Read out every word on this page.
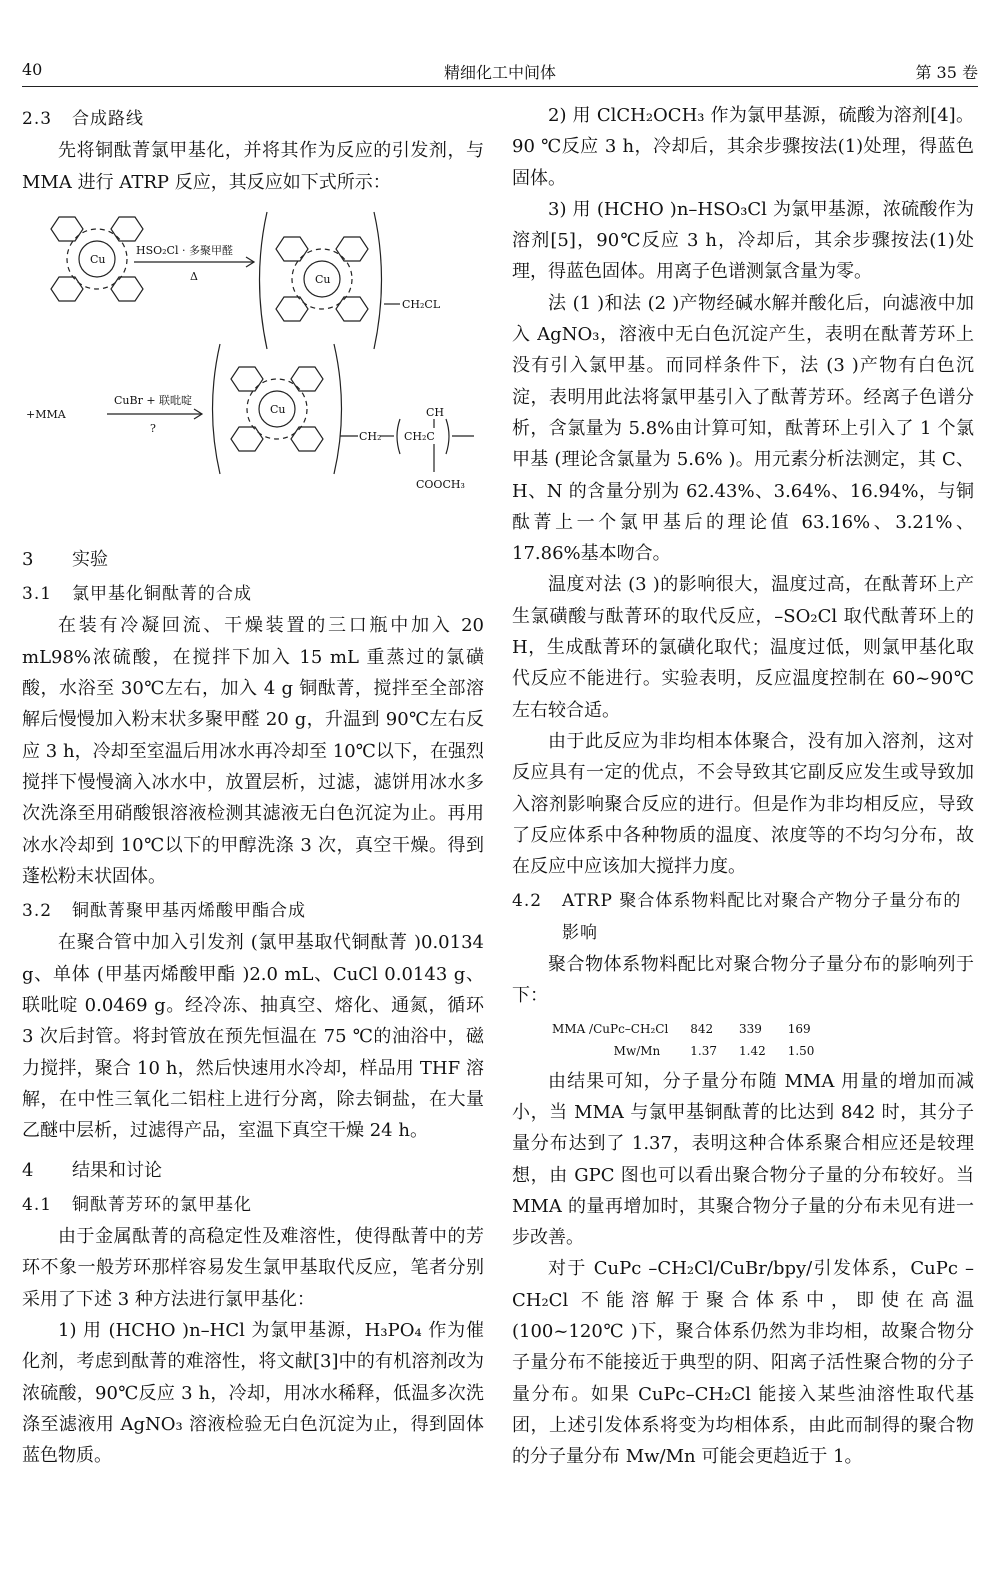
40	精细化工中间体	第 35 卷
2.3 合成路线

先将铜酞菁氯甲基化，并将其作为反应的引发剂，与 MMA 进行 ATRP 反应，其反应如下式所示：

Cu
Cu
Cu
HSO₂Cl · 多聚甲醛
Δ
CH₂CL
+MMA
CuBr + 联吡啶
?
CH₂ CH₂C
CH
COOCH₃
3 实验
3.1 氯甲基化铜酞菁的合成

在装有冷凝回流、干燥装置的三口瓶中加入 20 mL98%浓硫酸，在搅拌下加入 15 mL 重蒸过的氯磺酸，水浴至 30℃左右，加入 4 g 铜酞菁，搅拌至全部溶解后慢慢加入粉末状多聚甲醛 20 g，升温到 90℃左右反应 3 h，冷却至室温后用冰水再冷却至 10℃以下，在强烈搅拌下慢慢滴入冰水中，放置层析，过滤，滤饼用冰水多次洗涤至用硝酸银溶液检测其滤液无白色沉淀为止。再用冰水冷却到 10℃以下的甲醇洗涤 3 次，真空干燥。得到蓬松粉末状固体。

3.2 铜酞菁聚甲基丙烯酸甲酯合成

在聚合管中加入引发剂 (氯甲基取代铜酞菁 )0.0134 g、单体 (甲基丙烯酸甲酯 )2.0 mL、CuCl 0.0143 g、联吡啶 0.0469 g。经冷冻、抽真空、熔化、通氮，循环 3 次后封管。将封管放在预先恒温在 75 ℃的油浴中，磁力搅拌，聚合 10 h，然后快速用水冷却，样品用 THF 溶解，在中性三氧化二铝柱上进行分离，除去铜盐，在大量乙醚中层析，过滤得产品，室温下真空干燥 24 h。

4 结果和讨论
4.1 铜酞菁芳环的氯甲基化

由于金属酞菁的高稳定性及难溶性，使得酞菁中的芳环不象一般芳环那样容易发生氯甲基取代反应，笔者分别采用了下述 3 种方法进行氯甲基化：

1) 用 (HCHO )n–HCl 为氯甲基源，H₃PO₄ 作为催化剂，考虑到酞菁的难溶性，将文献[3]中的有机溶剂改为浓硫酸，90℃反应 3 h，冷却，用冰水稀释，低温多次洗涤至滤液用 AgNO₃ 溶液检验无白色沉淀为止，得到固体蓝色物质。

2) 用 ClCH₂OCH₃ 作为氯甲基源，硫酸为溶剂[4]。90 ℃反应 3 h，冷却后，其余步骤按法(1)处理，得蓝色固体。

3) 用 (HCHO )n–HSO₃Cl 为氯甲基源，浓硫酸作为溶剂[5]，90℃反应 3 h，冷却后，其余步骤按法(1)处理，得蓝色固体。用离子色谱测氯含量为零。

法 (1 )和法 (2 )产物经碱水解并酸化后，向滤液中加入 AgNO₃，溶液中无白色沉淀产生，表明在酞菁芳环上没有引入氯甲基。而同样条件下，法 (3 )产物有白色沉淀，表明用此法将氯甲基引入了酞菁芳环。经离子色谱分析，含氯量为 5.8%由计算可知，酞菁环上引入了 1 个氯甲基 (理论含氯量为 5.6% )。用元素分析法测定，其 C、H、N 的含量分别为 62.43%、3.64%、16.94%，与铜酞菁上一个氯甲基后的理论值 63.16%、3.21%、17.86%基本吻合。

温度对法 (3 )的影响很大，温度过高，在酞菁环上产生氯磺酸与酞菁环的取代反应，–SO₂Cl 取代酞菁环上的 H，生成酞菁环的氯磺化取代；温度过低，则氯甲基化取代反应不能进行。实验表明，反应温度控制在 60~90℃左右较合适。

由于此反应为非均相本体聚合，没有加入溶剂，这对反应具有一定的优点，不会导致其它副反应发生或导致加入溶剂影响聚合反应的进行。但是作为非均相反应，导致了反应体系中各种物质的温度、浓度等的不均匀分布，故在反应中应该加大搅拌力度。

4.2	ATRP 聚合体系物料配比对聚合产物分子量分布的影响

聚合物体系物料配比对聚合物分子量分布的影响列于下：

MMA /CuPc–CH₂Cl	842	339	169
Mw/Mn	1.37	1.42	1.50

由结果可知，分子量分布随 MMA 用量的增加而减小，当 MMA 与氯甲基铜酞菁的比达到 842 时，其分子量分布达到了 1.37，表明这种合体系聚合相应还是较理想，由 GPC 图也可以看出聚合物分子量的分布较好。当 MMA 的量再增加时，其聚合物分子量的分布未见有进一步改善。

对于 CuPc –CH₂Cl/CuBr/bpy/引发体系，CuPc –CH₂Cl 不能溶解于聚合体系中，即使在高温 (100~120℃ )下，聚合体系仍然为非均相，故聚合物分子量分布不能接近于典型的阴、阳离子活性聚合物的分子量分布。如果 CuPc–CH₂Cl 能接入某些油溶性取代基团，上述引发体系将变为均相体系，由此而制得的聚合物的分子量分布 Mw/Mn 可能会更趋近于 1。
